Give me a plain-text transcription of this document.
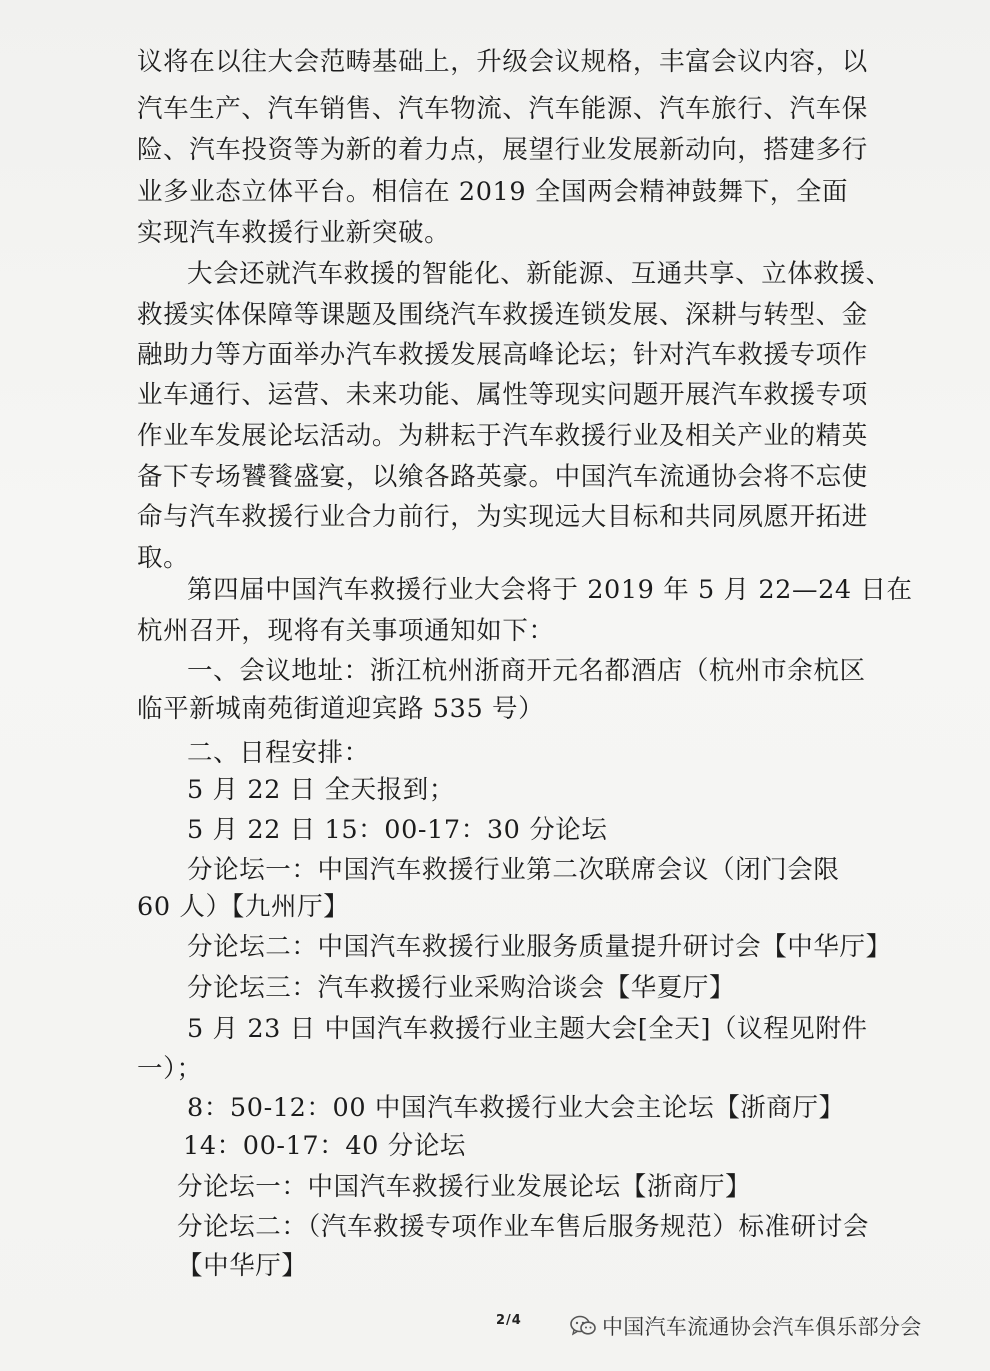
议将在以往大会范畴基础上，升级会议规格，丰富会议内容，以
汽车生产、汽车销售、汽车物流、汽车能源、汽车旅行、汽车保
险、汽车投资等为新的着力点，展望行业发展新动向，搭建多行
业多业态立体平台。相信在 2019 全国两会精神鼓舞下，全面
实现汽车救援行业新突破。
大会还就汽车救援的智能化、新能源、互通共享、立体救援、
救援实体保障等课题及围绕汽车救援连锁发展、深耕与转型、金
融助力等方面举办汽车救援发展高峰论坛；针对汽车救援专项作
业车通行、运营、未来功能、属性等现实问题开展汽车救援专项
作业车发展论坛活动。为耕耘于汽车救援行业及相关产业的精英
备下专场饕餮盛宴，以飨各路英豪。中国汽车流通协会将不忘使
命与汽车救援行业合力前行，为实现远大目标和共同夙愿开拓进
取。
第四届中国汽车救援行业大会将于 2019 年 5 月 22—24 日在
杭州召开，现将有关事项通知如下：
一、会议地址：浙江杭州浙商开元名都酒店（杭州市余杭区
临平新城南苑街道迎宾路 535 号）
二、日程安排：
5 月 22 日 全天报到；
5 月 22 日 15：00-17：30 分论坛
分论坛一：中国汽车救援行业第二次联席会议（闭门会限
60 人）【九州厅】
分论坛二：中国汽车救援行业服务质量提升研讨会【中华厅】
分论坛三：汽车救援行业采购洽谈会【华夏厅】
5 月 23 日 中国汽车救援行业主题大会[全天]（议程见附件
一）；
8：50-12：00 中国汽车救援行业大会主论坛【浙商厅】
14：00-17：40 分论坛
分论坛一：中国汽车救援行业发展论坛【浙商厅】
分论坛二：（汽车救援专项作业车售后服务规范）标准研讨会
【中华厅】
2/4	中国汽车流通协会汽车俱乐部分会
